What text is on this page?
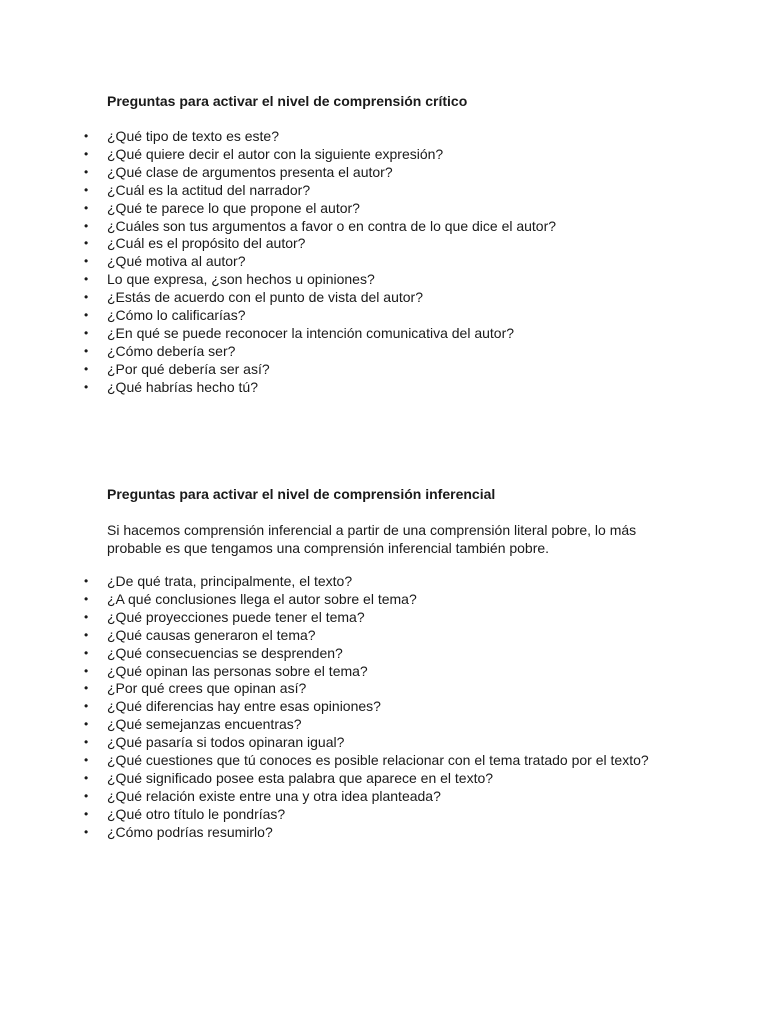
Preguntas para activar el nivel de comprensión crítico
• ¿Qué tipo de texto es este?
• ¿Qué quiere decir el autor con la siguiente expresión?
• ¿Qué clase de argumentos presenta el autor?
• ¿Cuál es la actitud del narrador?
• ¿Qué te parece lo que propone el autor?
• ¿Cuáles son tus argumentos a favor o en contra de lo que dice el autor?
• ¿Cuál es el propósito del autor?
• ¿Qué motiva al autor?
• Lo que expresa, ¿son hechos u opiniones?
• ¿Estás de acuerdo con el punto de vista del autor?
• ¿Cómo lo calificarías?
• ¿En qué se puede reconocer la intención comunicativa del autor?
• ¿Cómo debería ser?
• ¿Por qué debería ser así?
• ¿Qué habrías hecho tú?
Preguntas para activar el nivel de comprensión inferencial
Si hacemos comprensión inferencial a partir de una comprensión literal pobre, lo más probable es que tengamos una comprensión inferencial también pobre.
• ¿De qué trata, principalmente, el texto?
• ¿A qué conclusiones llega el autor sobre el tema?
• ¿Qué proyecciones puede tener el tema?
• ¿Qué causas generaron el tema?
• ¿Qué consecuencias se desprenden?
• ¿Qué opinan las personas sobre el tema?
• ¿Por qué crees que opinan así?
• ¿Qué diferencias hay entre esas opiniones?
• ¿Qué semejanzas encuentras?
• ¿Qué pasaría si todos opinaran igual?
• ¿Qué cuestiones que tú conoces es posible relacionar con el tema tratado por el texto?
• ¿Qué significado posee esta palabra que aparece en el texto?
• ¿Qué relación existe entre una y otra idea planteada?
• ¿Qué otro título le pondrías?
• ¿Cómo podrías resumirlo?
